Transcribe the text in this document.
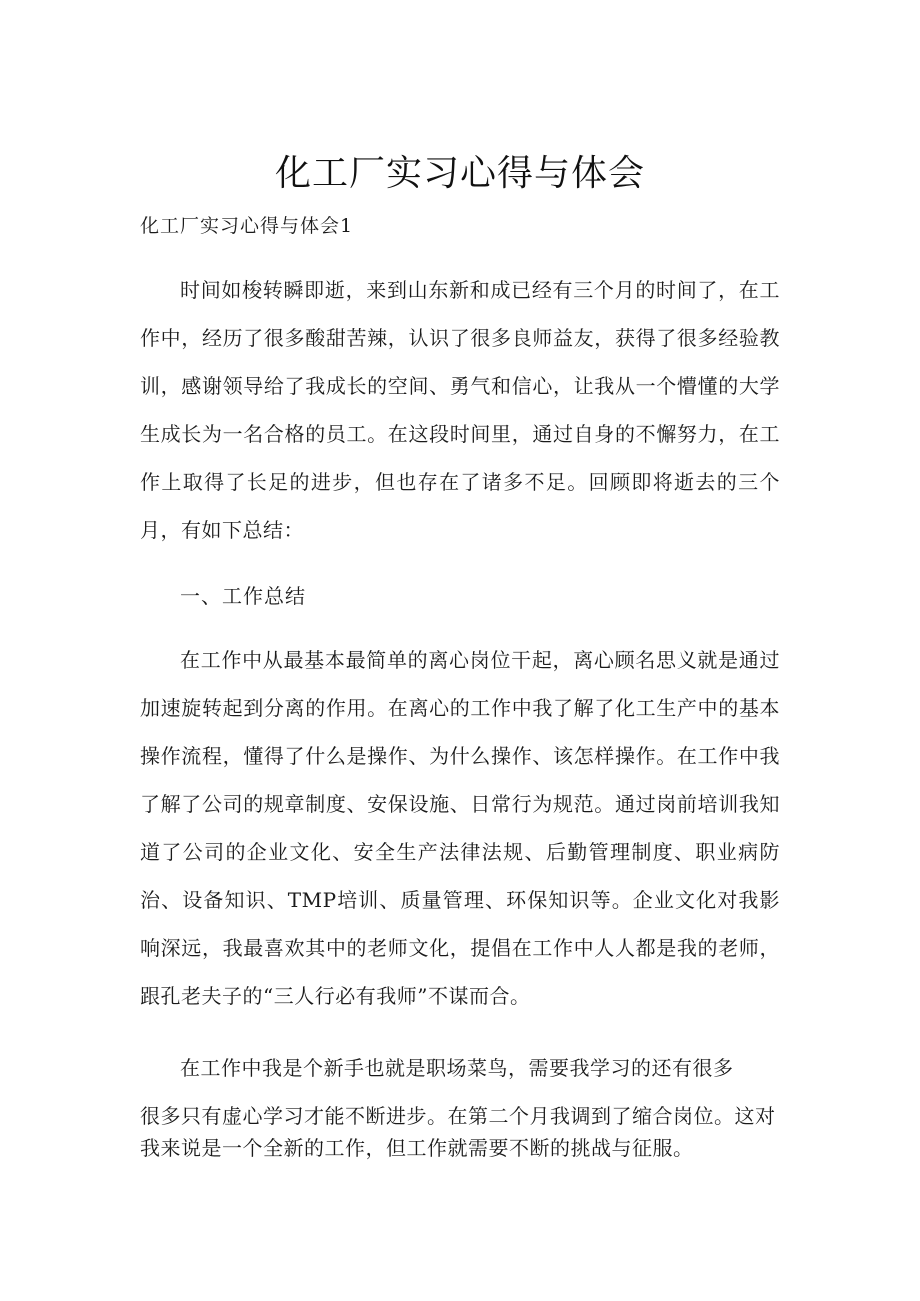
化工厂实习心得与体会
化工厂实习心得与体会1

时间如梭转瞬即逝，来到山东新和成已经有三个月的时间了，在工作中，经历了很多酸甜苦辣，认识了很多良师益友，获得了很多经验教训，感谢领导给了我成长的空间、勇气和信心，让我从一个懵懂的大学生成长为一名合格的员工。在这段时间里，通过自身的不懈努力，在工作上取得了长足的进步，但也存在了诸多不足。回顾即将逝去的三个月，有如下总结：

一、工作总结

在工作中从最基本最简单的离心岗位干起，离心顾名思义就是通过加速旋转起到分离的作用。在离心的工作中我了解了化工生产中的基本操作流程，懂得了什么是操作、为什么操作、该怎样操作。在工作中我了解了公司的规章制度、安保设施、日常行为规范。通过岗前培训我知道了公司的企业文化、安全生产法律法规、后勤管理制度、职业病防治、设备知识、TMP培训、质量管理、环保知识等。企业文化对我影响深远，我最喜欢其中的老师文化，提倡在工作中人人都是我的老师，跟孔老夫子的“三人行必有我师”不谋而合。

在工作中我是个新手也就是职场菜鸟，需要我学习的还有很多

很多只有虚心学习才能不断进步。在第二个月我调到了缩合岗位。这对
我来说是一个全新的工作，但工作就需要不断的挑战与征服。
